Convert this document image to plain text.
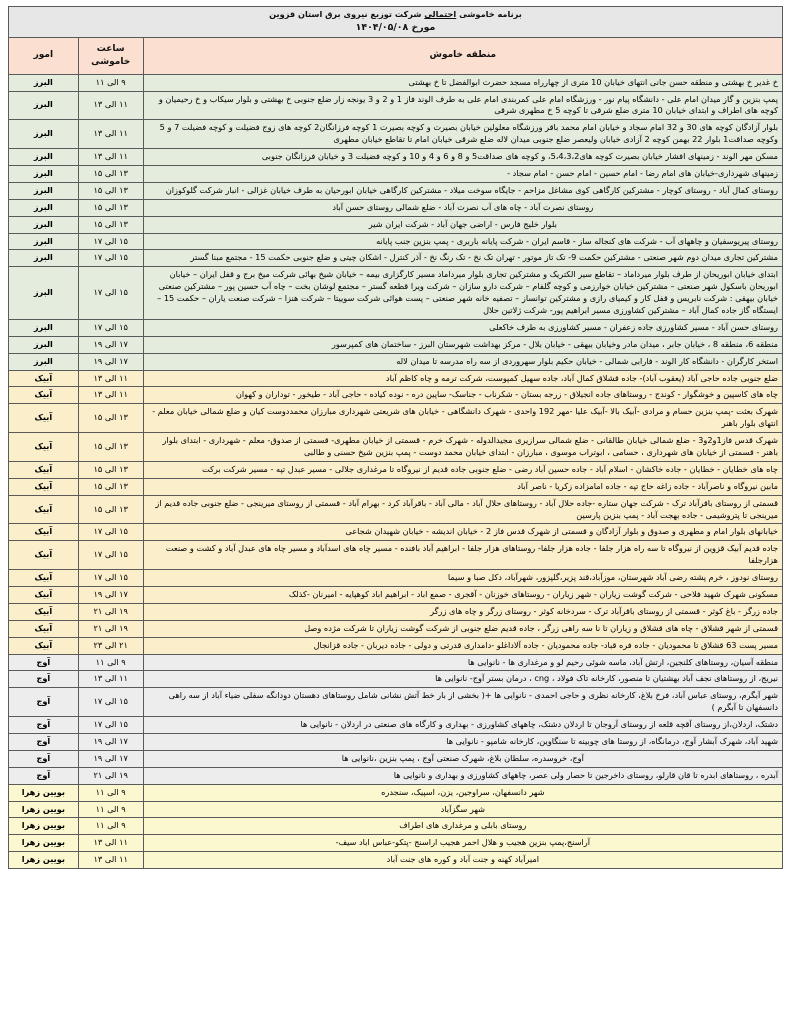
برنامه خاموشی احتمالی شرکت توزیع نیروی برق استان قزوین
مورخ ۱۴۰۴/۰۵/۰۸		

منطقه خاموش	ساعت خاموشی	امور
خ غدیر خ بهشتی و منطقه حسن جانی انتهای خیابان 10 متری از چهارراه مسجد حضرت ابوالفضل تا خ بهشتی	۹ الی ۱۱	البرز
پمپ بنزین و گاز میدان امام علی - دانشگاه پیام نور - ورزشگاه امام علی کمربندی امام علی به طرف الوند فاز 1 و 2 و 3 یونجه زار ضلع جنوبی خ بهشتی و بلوار سیکاب و خ رحیمیان و کوچه های اطراف و ابتدای خیابان 10 متری ضلع شرقی تا کوچه 5 خ مطهری شرقی	۱۱ الی ۱۳	البرز
بلوار آزادگان کوچه های 30 و 32 امام سجاد و خیابان امام محمد باقر ورزشگاه معلولین خیابان بصیرت و کوچه بصیرت 1 کوچه فرزانگان2 کوچه های زوج فضیلت و کوچه فضیلت 7 و 5 وکوچه صداقت1 بلوار 22 بهمن کوچه 2 آزادی خیابان ولیعصر ضلع جنوبی میدان لاله ضلع شرقی خیابان امام تا تقاطع خیابان مطهری	۱۱ الی ۱۳	البرز
مسکن مهر الوند - زمینهای افشار خیابان بصیرت کوچه های5،4،3،2، و کوچه های صداقت5 و 8 و 6 و 4 و 10 و کوچه فضیلت 3 و خیابان فرزانگان جنوبی	۱۱ الی ۱۳	البرز
زمینهای شهرداری-خیابان های امام رضا - امام حسین - امام حسن - امام سجاد -	۱۳ الی ۱۵	البرز
روستای کمال آباد - روستای کوچار - مشترکین کارگاهی کوی مشاغل مزاحم - جایگاه سوخت میلاد - مشترکین کارگاهی خیابان ابورحیان به طرف خیابان غزالی - انبار شرکت گلوکوزان	۱۳ الی ۱۵	البرز
روستای نصرت آباد - چاه های آب نصرت آباد - ضلع شمالی روستای حسن آباد	۱۳ الی ۱۵	البرز
بلوار خلیج فارس - اراضی جهان آباد - شرکت ایران شیر	۱۳ الی ۱۵	البرز
روستای پیریوسفیان و چاههای آب - شرکت های کنجاله ساز - قاسم ایران - شرکت پایانه باربری - پمپ بنزین جنب پایانه	۱۵ الی ۱۷	البرز
مشترکین تجاری میدان دوم شهر صنعتی - مشترکین حکمت 9- تک تاز موتور - تهران تک نخ - تک رنگ نخ - آذر کنترل - اشکان چیتی و ضلع جنوبی حکمت 15 - مجتمع مبنا گستر	۱۵ الی ۱۷	البرز
ابتدای خیابان ابوریحان از طرف بلوار میرداماد – تقاطع سیر الکتریک و مشترکین تجاری بلوار میرداماد مسیر کارگزاری بیمه – خیابان شیخ بهائی شرکت میخ برج و قفل ایران – خیابان ابوریحان باسکول شهر صنعتی – مشترکین خیابان خوارزمی و کوچه گلفام – شرکت دارو سازان – شرکت ویرا قطعه گستر – مجتمع لوشان بخت – چاه آب حسین پور – مشترکین صنعتی خیابان بیهقی : شرکت نابریس و قفل کار و کیمیای رازی و مشترکین توانساز – تصفیه خانه شهر صنعتی – پست هوائی شرکت سوییتا – شرکت هنزا – شرکت صنعت یاران – حکمت 15 – ایستگاه گاز جاده کمال آباد – مشترکین کشاورزی مسیر ابراهیم پور- شرکت ژلاتین حلال	۱۵ الی ۱۷	البرز
روستای حسن آباد - مسیر کشاورزی جاده زعفران - مسیر کشاورزی به طرف خاکعلی	۱۵ الی ۱۷	البرز
منطقه 6، منطقه 8 ، خیابان جابر ، میدان مادر وخیابان بیهقی - خیابان بلال - مرکز بهداشت شهرستان البرز - ساختمان های کمپرسور	۱۷ الی ۱۹	البرز
استخر کارگران - دانشگاه کار الوند - فارابی شمالی - خیابان حکیم بلوار سهروردی از سه راه مدرسه تا میدان لاله	۱۷ الی ۱۹	البرز
ضلع جنوبی جاده حاجی آباد (یعقوب آباد)- جاده قشلاق کمال آباد، جاده سهیل کمپوست، شرکت ترمه و چاه کاظم آباد	۱۱ الی ۱۳	آبیک
چاه های کاسپین و خوشگوار - کوندج - روستاهای جاده انجیلاق - زرجه بستان - شکرناب - جناسک- ساپین دره - نوده کیاده - حاجی آباد - طیخور - توداران و کهوان	۱۱ الی ۱۳	آبیک
شهرک بعثت -پمپ بنزین حسام و مرادی -آبیک بالا -آبیک علیا -مهر 192 واحدی - شهرک دانشگاهی - خیابان های شریعتی شهرداری مبارزان محمددوست کیان و ضلع شمالی خیابان معلم - انتهای بلوار باهنر	۱۳ الی ۱۵	آبیک
شهرک قدس فاز1و2و3 - ضلع شمالی خیابان طالقانی - ضلع شمالی سرازیری مجیدالدوله - شهرک خرم - قسمتی از خیابان مطهری- قسمتی از صدوق- معلم - شهرداری - ابتدای بلوار باهنر - قسمتی از خیابان های شهرداری ، حسامی ، ابوتراب موسوی ، مبارزان - ابتدای خیابان محمد دوست - پمپ بنزین شیخ حسنی و طالبی	۱۳ الی ۱۵	آبیک
چاه های خطایان - خطایان - جاده خاکشان - اسلام آباد - جاده حسین آباد رضی - ضلع جنوبی جاده قدیم از نیروگاه تا مرغداری جلالی - مسیر عبدل تپه - مسیر شرکت برکت	۱۳ الی ۱۵	آبیک
مابین نیروگاه و ناصرآباد - جاده زاغه حاج تپه - جاده امامزاده زکریا - ناصر آباد	۱۳ الی ۱۵	آبیک
قسمتی از روستای باقرآباد ترک - شرکت جهان ستاره -جاده حلال آباد - روستاهای حلال آباد - مالی آباد - باقرآباد کرد - بهرام آباد - قسمتی از روستای میرینجی - ضلع جنوبی جاده قدیم از میرینجی تا پتروشیمی - جاده بهجت آباد - پمپ بنزین پارسین	۱۳ الی ۱۵	آبیک
خیابانهای بلوار امام و مطهری و صدوق و بلوار آزادگان و قسمتی از شهرک قدس فاز 2 - خیابان اندیشه - خیابان شهیدان شجاعی	۱۵ الی ۱۷	آبیک
جاده قدیم آبیک قزوین از نیروگاه تا سه راه هزار جلفا - جاده هزار جلفا- روستاهای هزار جلفا - ابراهیم آباد بافنده - مسیر چاه های اسدآباد و مسیر چاه های عبدل آباد و کشت و صنعت هزارجلفا	۱۵ الی ۱۷	آبیک
روستای نودوز ، خرم پشته رضی آباد شهرستان، موزآباد،قند پزیر،گلپزور، شهرآباد، دکل صبا و سیما	۱۵ الی ۱۷	آبیک
مسکونی شهرک شهید فلاحی - شرکت گوشت زیاران - شهر زیاران - روستاهای خوزنان - آقجری - صمع اباد - ابراهیم اباد کوهپایه - امیرنان -کذلک	۱۷ الی ۱۹	آبیک
جاده زرگر - باغ کوثر - قسمتی از روستای باقرآباد ترک - سردخانه کوثر - روستای زرگر و چاه های زرگر	۱۹ الی ۲۱	آبیک
قسمتی از شهر قشلاق - چاه های قشلاق و زیاران تا نا سه راهی زرگر ، جاده قدیم ضلع جنوبی از شرکت گوشت زیاران تا شرکت مژده وصل	۱۹ الی ۲۱	آبیک
مسیر پست 63 قشلاق تا محمودیان - جاده فره قباد- جاده محمودیان - جاده آلاداغلو -دامداری قدرتی و دولی - جاده دیربان - جاده قزانجال	۲۱ الی ۲۳	آبیک
منطقه آسیان، روستاهای کلنجین، ارتش آباد، ماسه شوئی رحیم لو و مرغداری ها - نانوایی ها	۹ الی ۱۱	آوج
نیریج، از روستاهای نجف آباد بهشتیان تا منصور، کارخانه تاک فولاد ، cng ، درمان بستر آوج- نانوایی ها	۱۱ الی ۱۳	آوج
شهر آبگرم، روستای عباس آباد، فرخ بلاغ، کارخانه نظری و حاجی احمدی - نانوایی ها +( بخشی از بار خط آتش نشانی شامل روستاهای دهستان دودانگه سفلی ضیاء آباد از سه راهی دانسفهان تا آبگرم )	۱۵ الی ۱۷	آوج
دشتک، اردلان،از روستای آقچه قلعه از روستای آروجان تا اردلان دشتک، چاههای کشاورزی - بهداری و کارگاه های صنعتی در اردلان - نانوایی ها	۱۵ الی ۱۷	آوج
شهید آباد، شهرک آبشار آوج، درمانگاه، از روستا های چوبینه تا سنگاوین، کارخانه شامپو - نانوایی ها	۱۷ الی ۱۹	آوج
آوج، خروسدره، سلطان بلاغ، شهرک صنعتی آوج ، پمپ بنزین ،نانوایی ها	۱۷ الی ۱۹	آوج
آبدره ، روستاهای ابدره تا قان قارلو، روستای داخرجین تا حصار ولی عصر، چاههای کشاورزی و بهداری و نانوایی ها	۱۹ الی ۲۱	آوج
شهر دانسفهان، سراوجین، یزن، اسپیک، سنجدره	۹ الی ۱۱	بویین زهرا
شهر سگزآباد	۹ الی ۱۱	بویین زهرا
روستای بابلی و مرغداری های اطراف	۹ الی ۱۱	بویین زهرا
آراسنج،پمپ بنزین هجیب و هلال احمر هجیب اراسنج -پتکو-عباس اباد سیف-	۱۱ الی ۱۳	بویین زهرا
امیرآباد کهنه و جنت آباد و کوره های جنت آباد	۱۱ الی ۱۳	بویین زهرا
